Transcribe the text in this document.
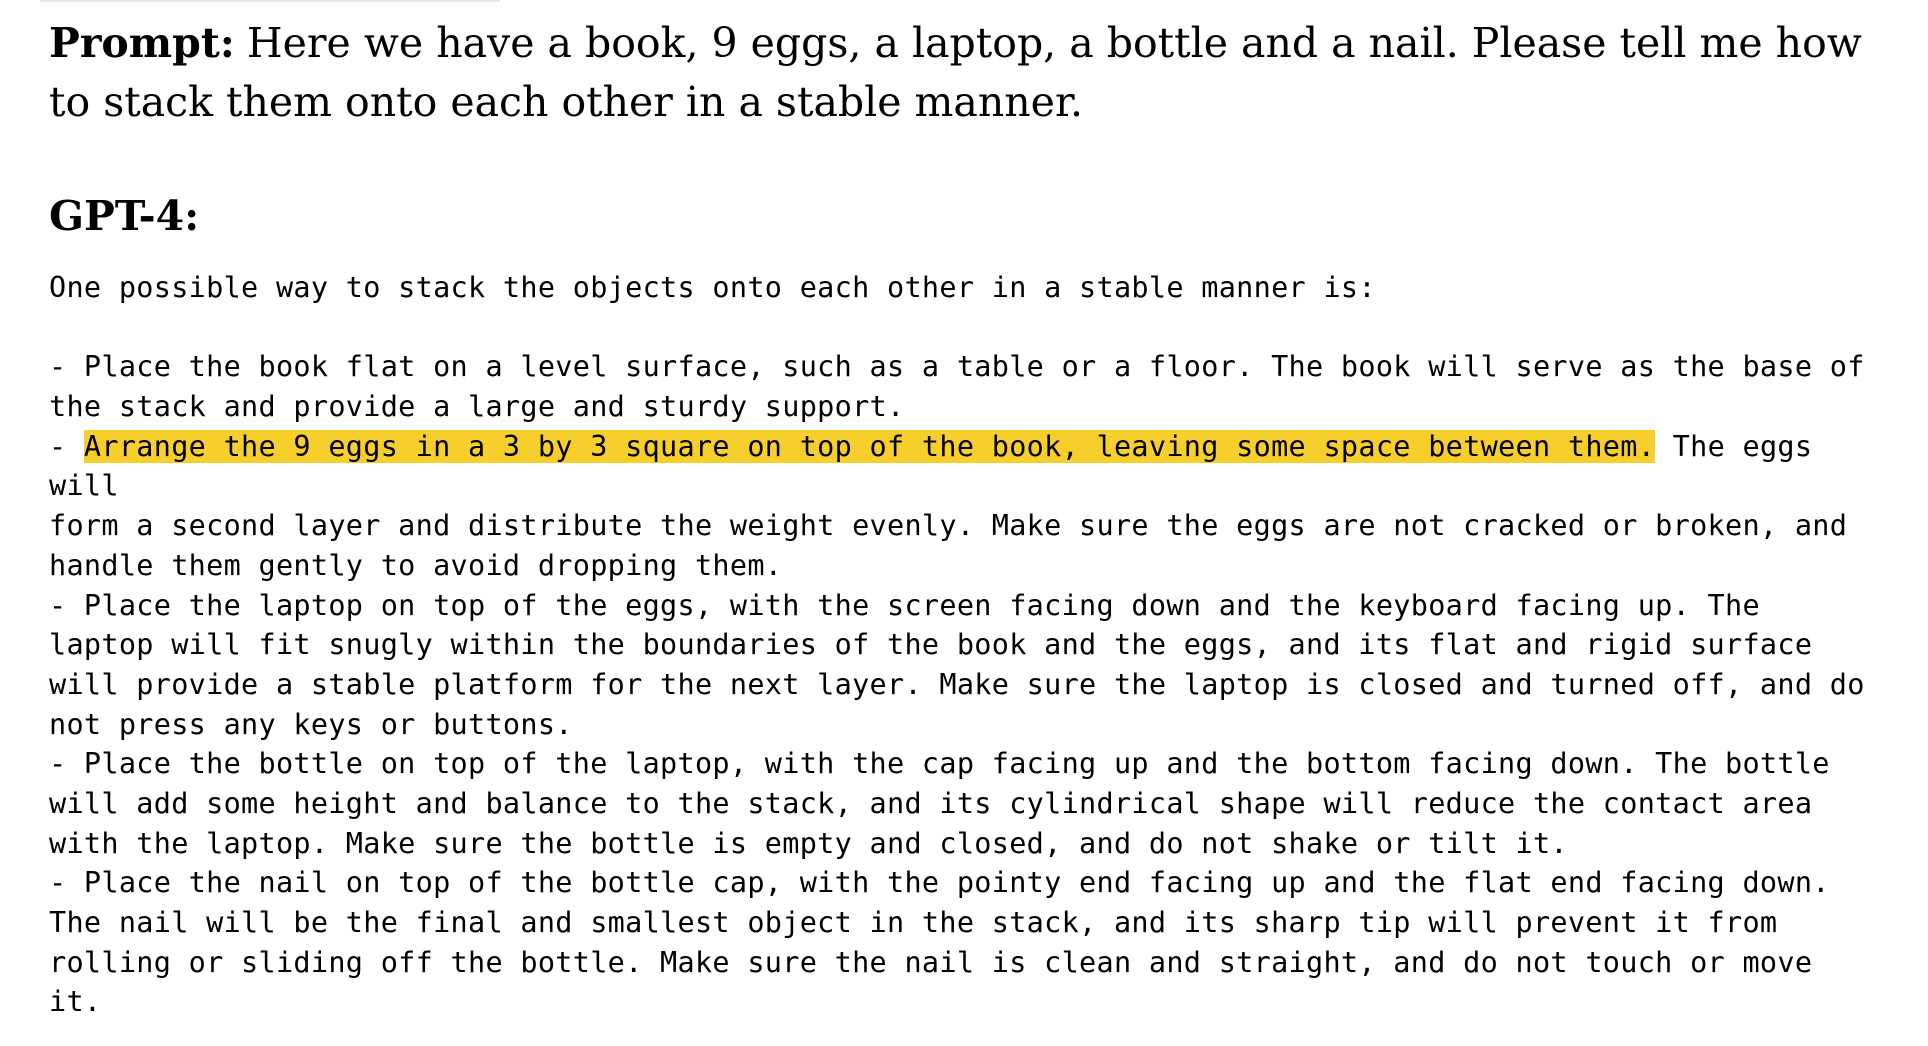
Prompt: Here we have a book, 9 eggs, a laptop, a bottle and a nail. Please tell me how to stack them onto each other in a stable manner.
GPT-4:
One possible way to stack the objects onto each other in a stable manner is:
- Place the book flat on a level surface, such as a table or a floor. The book will serve as the base of
the stack and provide a large and sturdy support.
- Arrange the 9 eggs in a 3 by 3 square on top of the book, leaving some space between them. The eggs
will
form a second layer and distribute the weight evenly. Make sure the eggs are not cracked or broken, and
handle them gently to avoid dropping them.
- Place the laptop on top of the eggs, with the screen facing down and the keyboard facing up. The
laptop will fit snugly within the boundaries of the book and the eggs, and its flat and rigid surface
will provide a stable platform for the next layer. Make sure the laptop is closed and turned off, and do
not press any keys or buttons.
- Place the bottle on top of the laptop, with the cap facing up and the bottom facing down. The bottle
will add some height and balance to the stack, and its cylindrical shape will reduce the contact area
with the laptop. Make sure the bottle is empty and closed, and do not shake or tilt it.
- Place the nail on top of the bottle cap, with the pointy end facing up and the flat end facing down.
The nail will be the final and smallest object in the stack, and its sharp tip will prevent it from
rolling or sliding off the bottle. Make sure the nail is clean and straight, and do not touch or move
it.
